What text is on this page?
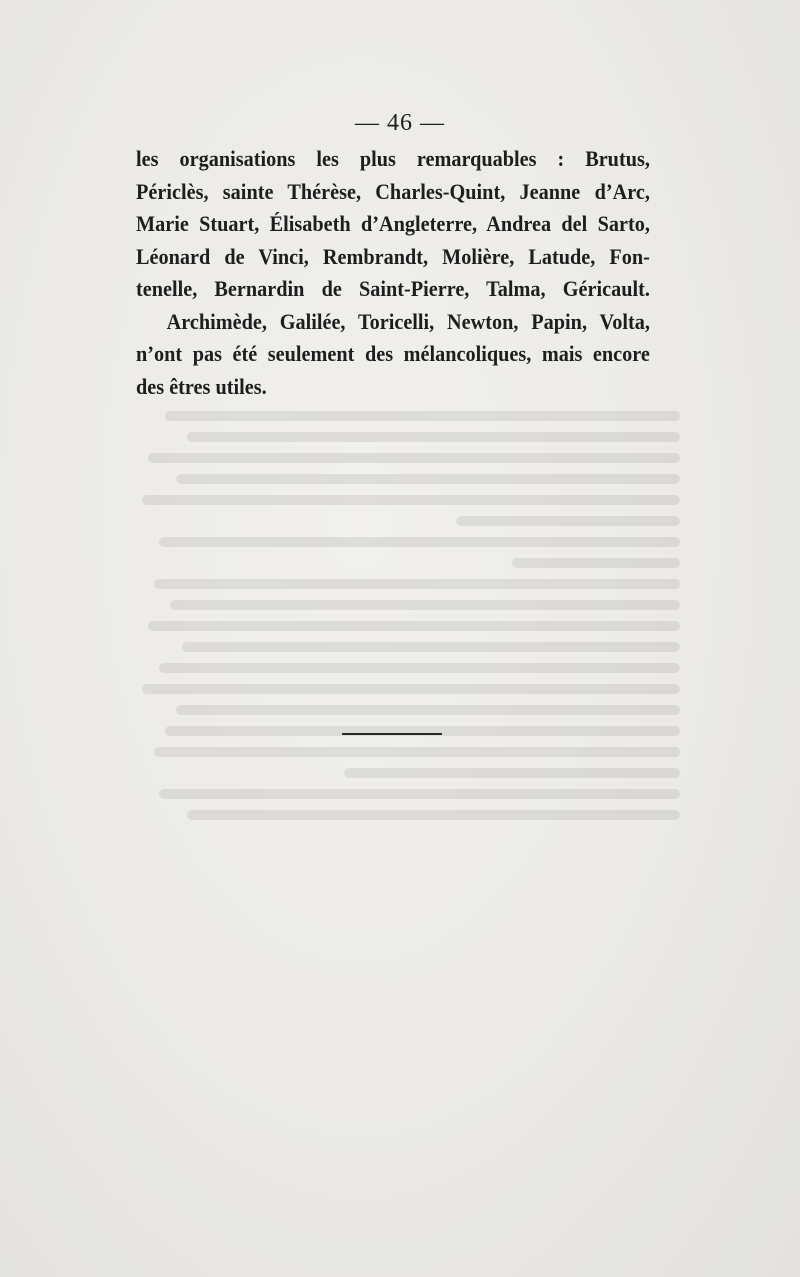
— 46 —
les organisations les plus remarquables : Brutus,
Périclès, sainte Thérèse, Charles-Quint, Jeanne d’Arc,
Marie Stuart, Élisabeth d’Angleterre, Andrea del Sarto,
Léonard de Vinci, Rembrandt, Molière, Latude, Fon-
tenelle, Bernardin de Saint-Pierre, Talma, Géricault.
Archimède, Galilée, Toricelli, Newton, Papin, Volta,
n’ont pas été seulement des mélancoliques, mais encore
des êtres utiles.
